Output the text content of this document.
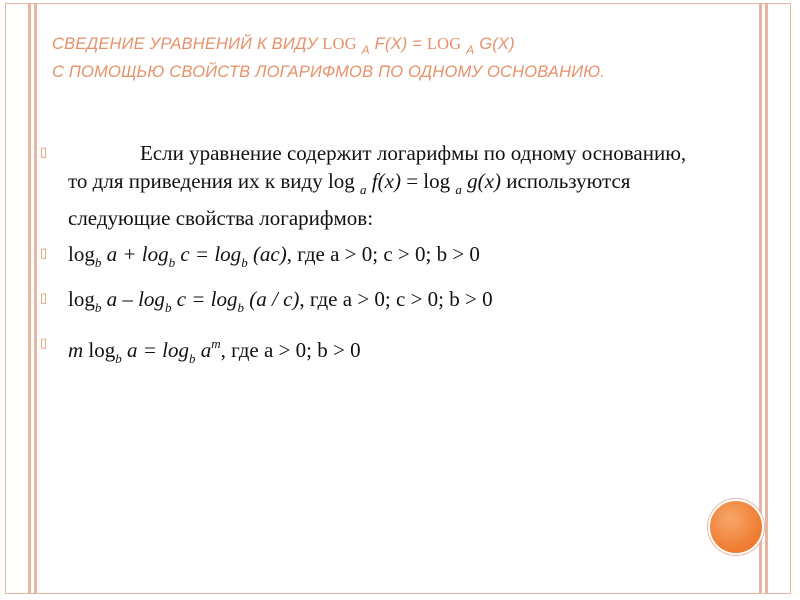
СВЕДЕНИЕ УРАВНЕНИЙ К ВИДУ LOG $_A$ F(X) = LOG $_A$ G(X)
С ПОМОЩЬЮ СВОЙСТВ ЛОГАРИФМОВ ПО ОДНОМУ ОСНОВАНИЮ.
▯	Если уравнение содержит логарифмы по одному основанию, то для приведения их к виду log $_a$ f(x) = log $_a$ g(x) используются следующие свойства логарифмов:
▯ $\log_b a + \log_b c = \log_b (ac)$, где a > 0; c > 0; b > 0
▯ $\log_b a - \log_b c = \log_b (a / c)$, где a > 0; c > 0; b > 0
▯ m $\log_b a = \log_b a^m$, где a > 0; b > 0
